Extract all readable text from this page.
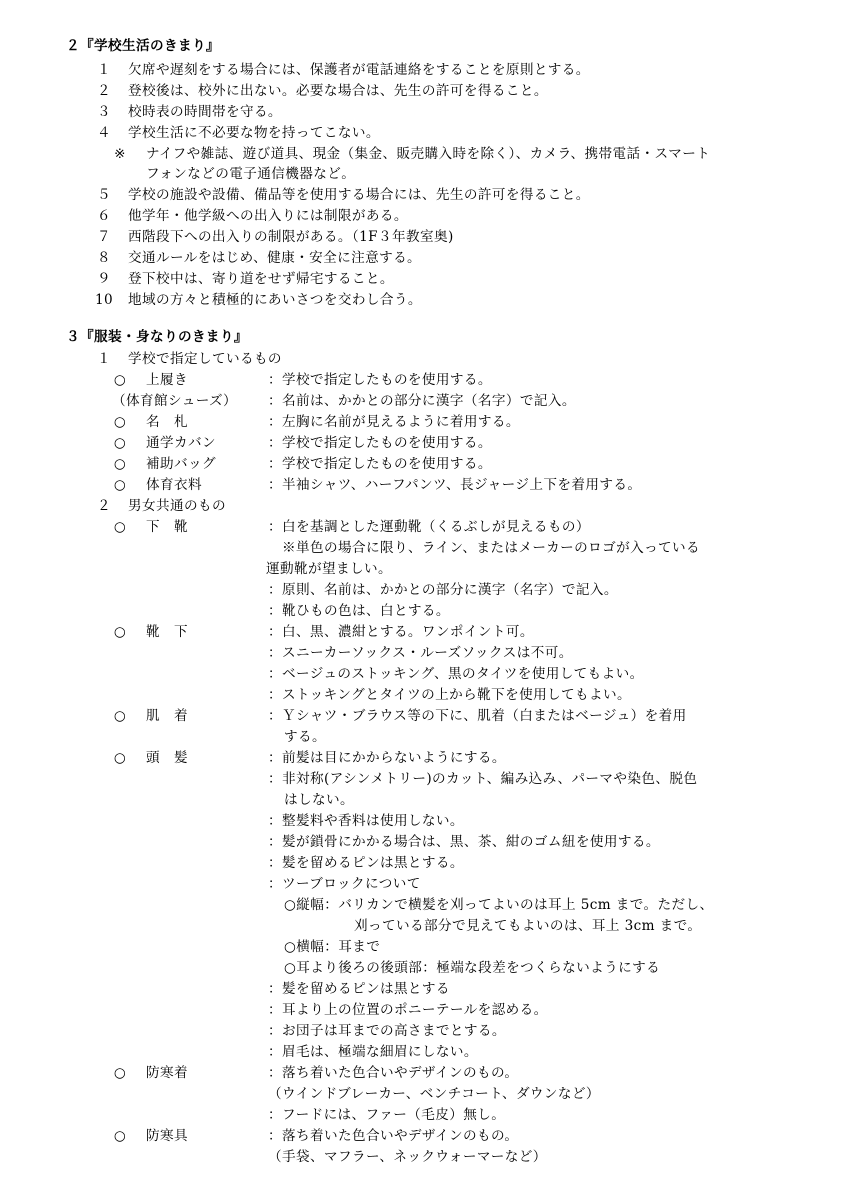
２『学校生活のきまり』
１ 欠席や遅刻をする場合には、保護者が電話連絡をすることを原則とする。
２ 登校後は、校外に出ない。必要な場合は、先生の許可を得ること。
３ 校時表の時間帯を守る。
４ 学校生活に不必要な物を持ってこない。
※	ナイフや雑誌、遊び道具、現金（集金、販売購入時を除く）、カメラ、携帯電話・スマート
フォンなどの電子通信機器など。
５ 学校の施設や設備、備品等を使用する場合には、先生の許可を得ること。
６ 他学年・他学級への出入りには制限がある。
７ 西階段下への出入りの制限がある。（1F３年教室奥)
８ 交通ルールをはじめ、健康・安全に注意する。
９ 登下校中は、寄り道をせず帰宅すること。
10 地域の方々と積極的にあいさつを交わし合う。
３『服装・身なりのきまり』
１ 学校で指定しているもの
○ 上履き	：学校で指定したものを使用する。
（体育館シューズ） ：名前は、かかとの部分に漢字（名字）で記入。
○ 名　札	：左胸に名前が見えるように着用する。
○ 通学カバン	：学校で指定したものを使用する。
○ 補助バッグ	：学校で指定したものを使用する。
○ 体育衣料	：半袖シャツ、ハーフパンツ、長ジャージ上下を着用する。
２ 男女共通のもの
○ 下　靴	：白を基調とした運動靴（くるぶしが見えるもの）
※単色の場合に限り、ライン、またはメーカーのロゴが入っている
運動靴が望ましい。
：原則、名前は、かかとの部分に漢字（名字）で記入。
：靴ひもの色は、白とする。
○ 靴　下	：白、黒、濃紺とする。ワンポイント可。
：スニーカーソックス・ルーズソックスは不可。
：ベージュのストッキング、黒のタイツを使用してもよい。
：ストッキングとタイツの上から靴下を使用してもよい。
○ 肌　着	：Ｙシャツ・ブラウス等の下に、肌着（白またはベージュ）を着用
する。
○ 頭　髪	：前髪は目にかからないようにする。
：非対称(アシンメトリー)のカット、編み込み、パーマや染色、脱色
はしない。
：整髪料や香料は使用しない。
：髪が鎖骨にかかる場合は、黒、茶、紺のゴム紐を使用する。
：髪を留めるピンは黒とする。
：ツーブロックについて
○縦幅：バリカンで横髪を刈ってよいのは耳上 5cm まで。ただし、
刈っている部分で見えてもよいのは、耳上 3cm まで。
○横幅：耳まで
○耳より後ろの後頭部：極端な段差をつくらないようにする
：髪を留めるピンは黒とする
：耳より上の位置のポニーテールを認める。
：お団子は耳までの高さまでとする。
：眉毛は、極端な細眉にしない。
○ 防寒着	：落ち着いた色合いやデザインのもの。
（ウインドブレーカー、ベンチコート、ダウンなど）
：フードには、ファー（毛皮）無し。
○ 防寒具	：落ち着いた色合いやデザインのもの。
（手袋、マフラー、ネックウォーマーなど）
